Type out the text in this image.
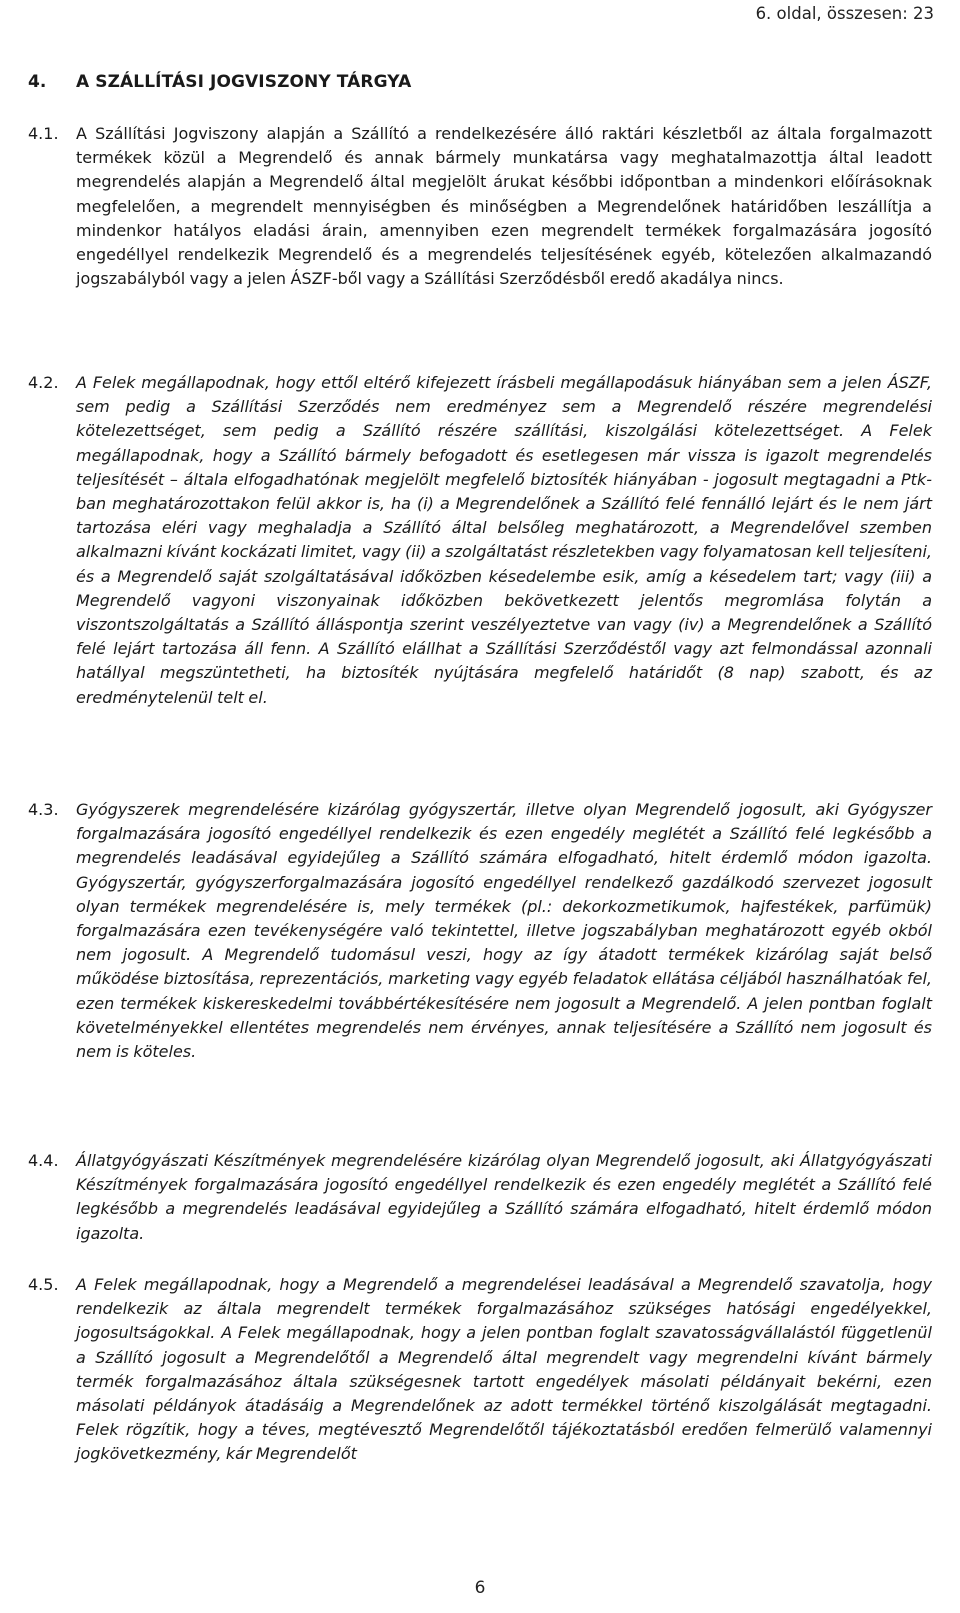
6. oldal, összesen: 23
4. A SZÁLLÍTÁSI JOGVISZONY TÁRGYA
4.1.	A Szállítási Jogviszony alapján a Szállító a rendelkezésére álló raktári készletből az általa forgalmazott termékek közül a Megrendelő és annak bármely munkatársa vagy meghatalmazottja által leadott megrendelés alapján a Megrendelő által megjelölt árukat későbbi időpontban a mindenkori előírásoknak megfelelően, a megrendelt mennyiségben és minőségben a Megrendelőnek határidőben leszállítja a mindenkor hatályos eladási árain, amennyiben ezen megrendelt termékek forgalmazására jogosító engedéllyel rendelkezik Megrendelő és a megrendelés teljesítésének egyéb, kötelezően alkalmazandó jogszabályból vagy a jelen ÁSZF-ből vagy a Szállítási Szerződésből eredő akadálya nincs.
4.2.	A Felek megállapodnak, hogy ettől eltérő kifejezett írásbeli megállapodásuk hiányában sem a jelen ÁSZF, sem pedig a Szállítási Szerződés nem eredményez sem a Megrendelő részére megrendelési kötelezettséget, sem pedig a Szállító részére szállítási, kiszolgálási kötelezettséget. A Felek megállapodnak, hogy a Szállító bármely befogadott és esetlegesen már vissza is igazolt megrendelés teljesítését – általa elfogadhatónak megjelölt megfelelő biztosíték hiányában - jogosult megtagadni a Ptk-ban meghatározottakon felül akkor is, ha (i) a Megrendelőnek a Szállító felé fennálló lejárt és le nem járt tartozása eléri vagy meghaladja a Szállító által belsőleg meghatározott, a Megrendelővel szemben alkalmazni kívánt kockázati limitet, vagy (ii) a szolgáltatást részletekben vagy folyamatosan kell teljesíteni, és a Megrendelő saját szolgáltatásával időközben késedelembe esik, amíg a késedelem tart; vagy (iii) a Megrendelő vagyoni viszonyainak időközben bekövetkezett jelentős megromlása folytán a viszontszolgáltatás a Szállító álláspontja szerint veszélyeztetve van vagy (iv) a Megrendelőnek a Szállító felé lejárt tartozása áll fenn. A Szállító elállhat a Szállítási Szerződéstől vagy azt felmondással azonnali hatállyal megszüntetheti, ha biztosíték nyújtására megfelelő határidőt (8 nap) szabott, és az eredménytelenül telt el.
4.3.	Gyógyszerek megrendelésére kizárólag gyógyszertár, illetve olyan Megrendelő jogosult, aki Gyógyszer forgalmazására jogosító engedéllyel rendelkezik és ezen engedély meglétét a Szállító felé legkésőbb a megrendelés leadásával egyidejűleg a Szállító számára elfogadható, hitelt érdemlő módon igazolta. Gyógyszertár, gyógyszerforgalmazására jogosító engedéllyel rendelkező gazdálkodó szervezet jogosult olyan termékek megrendelésére is, mely termékek (pl.: dekorkozmetikumok, hajfestékek, parfümük) forgalmazására ezen tevékenységére való tekintettel, illetve jogszabályban meghatározott egyéb okból nem jogosult. A Megrendelő tudomásul veszi, hogy az így átadott termékek kizárólag saját belső működése biztosítása, reprezentációs, marketing vagy egyéb feladatok ellátása céljából használhatóak fel, ezen termékek kiskereskedelmi továbbértékesítésére nem jogosult a Megrendelő. A jelen pontban foglalt követelményekkel ellentétes megrendelés nem érvényes, annak teljesítésére a Szállító nem jogosult és nem is köteles.
4.4.	Állatgyógyászati Készítmények megrendelésére kizárólag olyan Megrendelő jogosult, aki Állatgyógyászati Készítmények forgalmazására jogosító engedéllyel rendelkezik és ezen engedély meglétét a Szállító felé legkésőbb a megrendelés leadásával egyidejűleg a Szállító számára elfogadható, hitelt érdemlő módon igazolta.
4.5.	A Felek megállapodnak, hogy a Megrendelő a megrendelései leadásával a Megrendelő szavatolja, hogy rendelkezik az általa megrendelt termékek forgalmazásához szükséges hatósági engedélyekkel, jogosultságokkal. A Felek megállapodnak, hogy a jelen pontban foglalt szavatosságvállalástól függetlenül a Szállító jogosult a Megrendelőtől a Megrendelő által megrendelt vagy megrendelni kívánt bármely termék forgalmazásához általa szükségesnek tartott engedélyek másolati példányait bekérni, ezen másolati példányok átadásáig a Megrendelőnek az adott termékkel történő kiszolgálását megtagadni. Felek rögzítik, hogy a téves, megtévesztő Megrendelőtől tájékoztatásból eredően felmerülő valamennyi jogkövetkezmény, kár Megrendelőt
6
